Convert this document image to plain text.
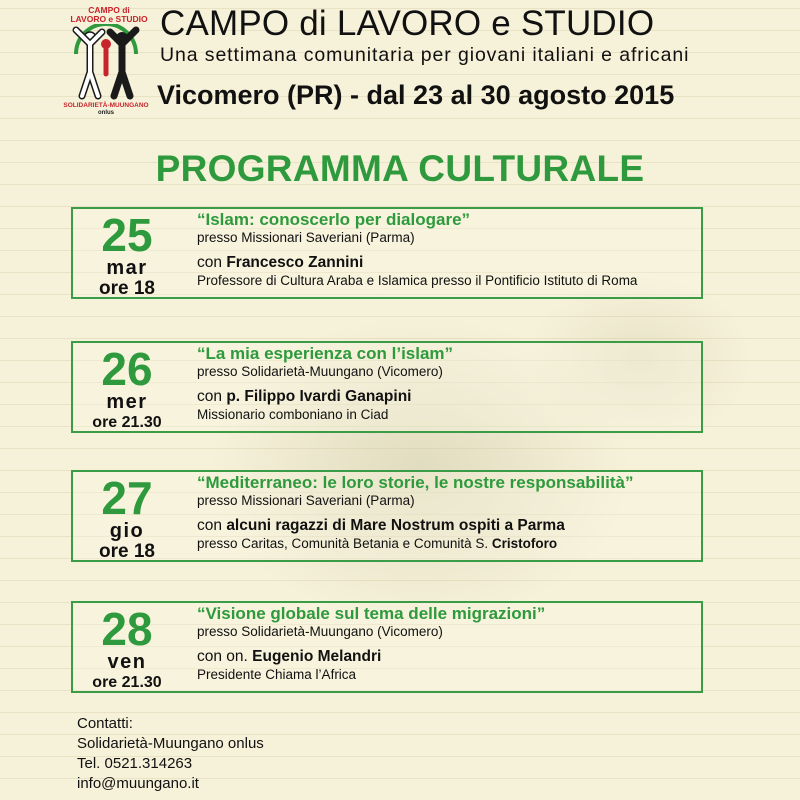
CAMPO di
LAVORO e STUDIO
SOLIDARIETÀ-MUUNGANO
onlus
CAMPO di LAVORO e STUDIO
Una settimana comunitaria per giovani italiani e africani
Vicomero (PR) - dal 23 al 30 agosto 2015
PROGRAMMA CULTURALE
25
mar
ore 18
“Islam: conoscerlo per dialogare”
presso Missionari Saveriani (Parma)
con Francesco Zannini
Professore di Cultura Araba e Islamica presso il Pontificio Istituto di Roma
26
mer
ore 21.30
“La mia esperienza con l’islam”
presso Solidarietà-Muungano (Vicomero)
con p. Filippo Ivardi Ganapini
Missionario comboniano in Ciad
27
gio
ore 18
“Mediterraneo: le loro storie, le nostre responsabilità”
presso Missionari Saveriani (Parma)
con alcuni ragazzi di Mare Nostrum ospiti a Parma
presso Caritas, Comunità Betania e Comunità S. Cristoforo
28
ven
ore 21.30
“Visione globale sul tema delle migrazioni”
presso Solidarietà-Muungano (Vicomero)
con on. Eugenio Melandri
Presidente Chiama l’Africa
Contatti:
Solidarietà-Muungano onlus
Tel. 0521.314263
info@muungano.it
